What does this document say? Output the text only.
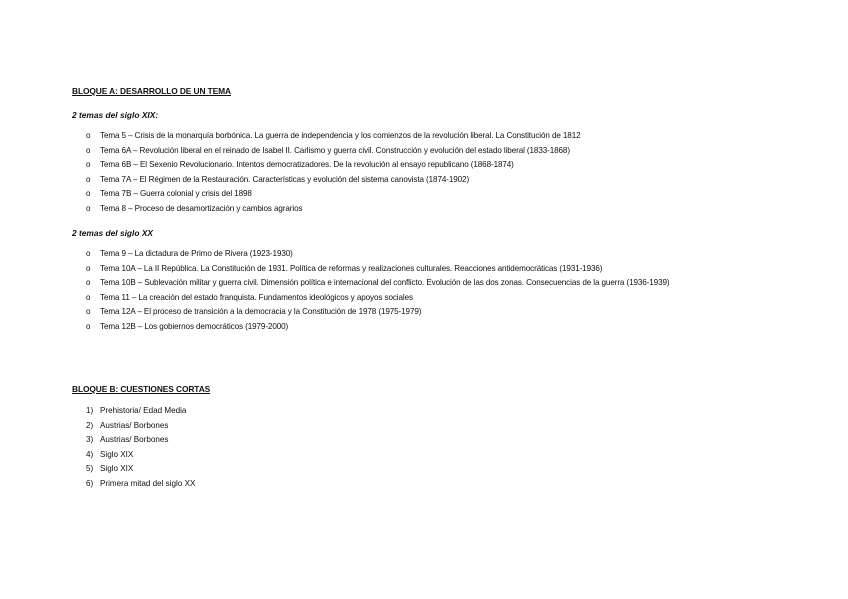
BLOQUE A: DESARROLLO DE UN TEMA
2 temas del siglo XIX:
o Tema 5 – Crisis de la monarquía borbónica. La guerra de independencia y los comienzos de la revolución liberal. La Constitución de 1812
o Tema 6A – Revolución liberal en el reinado de Isabel II. Carlismo y guerra civil. Construcción y evolución del estado liberal (1833-1868)
o Tema 6B – El Sexenio Revolucionario. Intentos democratizadores. De la revolución al ensayo republicano (1868-1874)
o Tema 7A – El Régimen de la Restauración. Características y evolución del sistema canovista (1874-1902)
o Tema 7B – Guerra colonial y crisis del 1898
o Tema 8 – Proceso de desamortización y cambios agrarios
2 temas del siglo XX
o Tema 9 – La dictadura de Primo de Rivera (1923-1930)
o Tema 10A – La II República. La Constitución de 1931. Política de reformas y realizaciones culturales. Reacciones antidemocráticas (1931-1936)
o Tema 10B – Sublevación militar y guerra civil. Dimensión política e internacional del conflicto. Evolución de las dos zonas. Consecuencias de la guerra (1936-1939)
o Tema 11 – La creación del estado franquista. Fundamentos ideológicos y apoyos sociales
o Tema 12A – El proceso de transición a la democracia y la Constitución de 1978 (1975-1979)
o Tema 12B – Los gobiernos democráticos (1979-2000)
BLOQUE B: CUESTIONES CORTAS
1) Prehistoria/ Edad Media
2) Austrias/ Borbones
3) Austrias/ Borbones
4) Siglo XIX
5) Siglo XIX
6) Primera mitad del siglo XX
